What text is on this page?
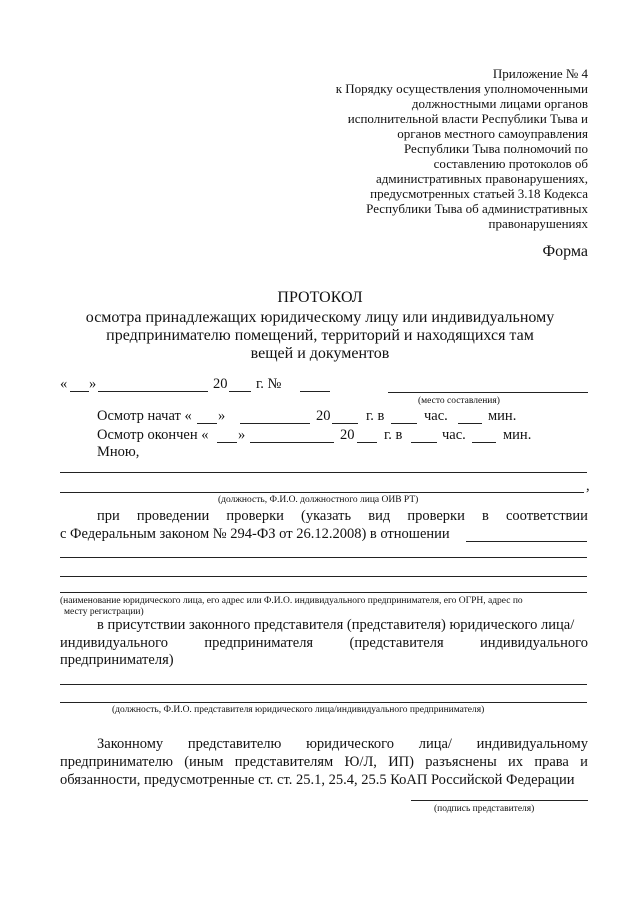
Приложение № 4
к Порядку осуществления уполномоченными
должностными лицами органов
исполнительной власти Республики Тыва и
органов местного самоуправления
Республики Тыва полномочий по
составлению протоколов об
административных правонарушениях,
предусмотренных статьей 3.18 Кодекса
Республики Тыва об административных
правонарушениях
Форма
ПРОТОКОЛ
осмотра принадлежащих юридическому лицу или индивидуальному
предпринимателю помещений, территорий и находящихся там
вещей и документов
« »	20 г. №
(место составления)
Осмотр начат « »	20 г. в	час.	мин.
Осмотр окончен « »	20 г. в	час.	мин.
Мною,
,
(должность, Ф.И.О. должностного лица ОИВ РТ)
при проведении проверки (указать вид проверки в соответствии
с Федеральным законом № 294-ФЗ от 26.12.2008) в отношении
(наименование юридического лица, его адрес или Ф.И.О. индивидуального предпринимателя, его ОГРН, адрес по
месту регистрации)
в присутствии законного представителя (представителя) юридического лица/
индивидуального	предпринимателя	(представителя	индивидуального
предпринимателя)
(должность, Ф.И.О. представителя юридического лица/индивидуального предпринимателя)
Законному представителю юридического лица/ индивидуальному
предпринимателю (иным представителям Ю/Л, ИП) разъяснены их права и
обязанности, предусмотренные ст. ст. 25.1, 25.4, 25.5 КоАП Российской Федерации
(подпись представителя)
